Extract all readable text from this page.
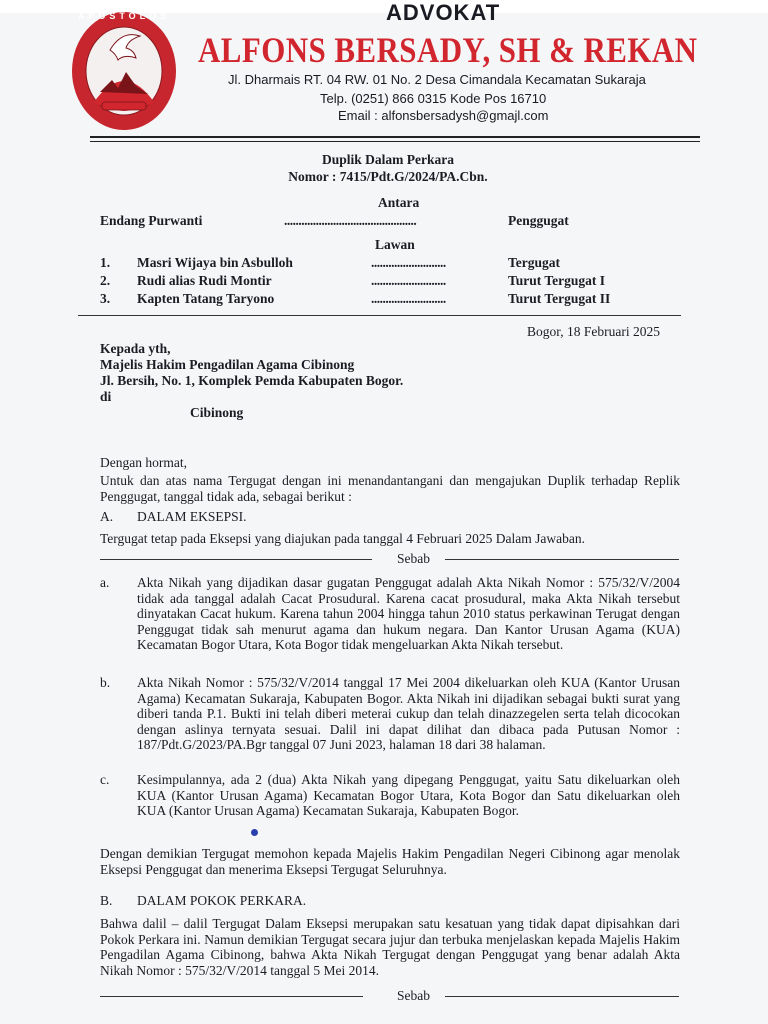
APOSTOLOS	ADVOKAT
ALFONS BERSADY, SH & REKAN
Jl. Dharmais RT. 04 RW. 01 No. 2 Desa Cimandala Kecamatan Sukaraja
Telp. (0251) 866 0315 Kode Pos 16710
Email : alfonsbersadysh@gmajl.com
Duplik Dalam Perkara
Nomor : 7415/Pdt.G/2024/PA.Cbn.
Antara
Endang Purwanti	..............................................	Penggugat
Lawan
1. Masri Wijaya bin Asbulloh	..........................	Tergugat
2. Rudi alias Rudi Montir	..........................	Turut Tergugat I
3. Kapten Tatang Taryono	..........................	Turut Tergugat II
Bogor, 18 Februari 2025
Kepada yth,
Majelis Hakim Pengadilan Agama Cibinong
Jl. Bersih, No. 1, Komplek Pemda Kabupaten Bogor.
di
Cibinong
Dengan hormat,
Untuk dan atas nama Tergugat dengan ini menandantangani dan mengajukan Duplik terhadap Replik Penggugat, tanggal tidak ada, sebagai berikut :
A. DALAM EKSEPSI.
Tergugat tetap pada Eksepsi yang diajukan pada tanggal 4 Februari 2025 Dalam Jawaban.
Sebab
a. Akta Nikah yang dijadikan dasar gugatan Penggugat adalah Akta Nikah Nomor : 575/32/V/2004 tidak ada tanggal adalah Cacat Prosudural. Karena cacat prosudural, maka Akta Nikah tersebut dinyatakan Cacat hukum. Karena tahun 2004 hingga tahun 2010 status perkawinan Terugat dengan Penggugat tidak sah menurut agama dan hukum negara. Dan Kantor Urusan Agama (KUA) Kecamatan Bogor Utara, Kota Bogor tidak mengeluarkan Akta Nikah tersebut.
b. Akta Nikah Nomor : 575/32/V/2014 tanggal 17 Mei 2004 dikeluarkan oleh KUA (Kantor Urusan Agama) Kecamatan Sukaraja, Kabupaten Bogor. Akta Nikah ini dijadikan sebagai bukti surat yang diberi tanda P.1. Bukti ini telah diberi meterai cukup dan telah dinazzegelen serta telah dicocokan dengan aslinya ternyata sesuai. Dalil ini dapat dilihat dan dibaca pada Putusan Nomor : 187/Pdt.G/2023/PA.Bgr tanggal 07 Juni 2023, halaman 18 dari 38 halaman.
c. Kesimpulannya, ada 2 (dua) Akta Nikah yang dipegang Penggugat, yaitu Satu dikeluarkan oleh KUA (Kantor Urusan Agama) Kecamatan Bogor Utara, Kota Bogor dan Satu dikeluarkan oleh KUA (Kantor Urusan Agama) Kecamatan Sukaraja, Kabupaten Bogor.
Dengan demikian Tergugat memohon kepada Majelis Hakim Pengadilan Negeri Cibinong agar menolak Eksepsi Penggugat dan menerima Eksepsi Tergugat Seluruhnya.
B. DALAM POKOK PERKARA.
Bahwa dalil – dalil Tergugat Dalam Eksepsi merupakan satu kesatuan yang tidak dapat dipisahkan dari Pokok Perkara ini. Namun demikian Tergugat secara jujur dan terbuka menjelaskan kepada Majelis Hakim Pengadilan Agama Cibinong, bahwa Akta Nikah Tergugat dengan Penggugat yang benar adalah Akta Nikah Nomor : 575/32/V/2014 tanggal 5 Mei 2014.
Sebab
